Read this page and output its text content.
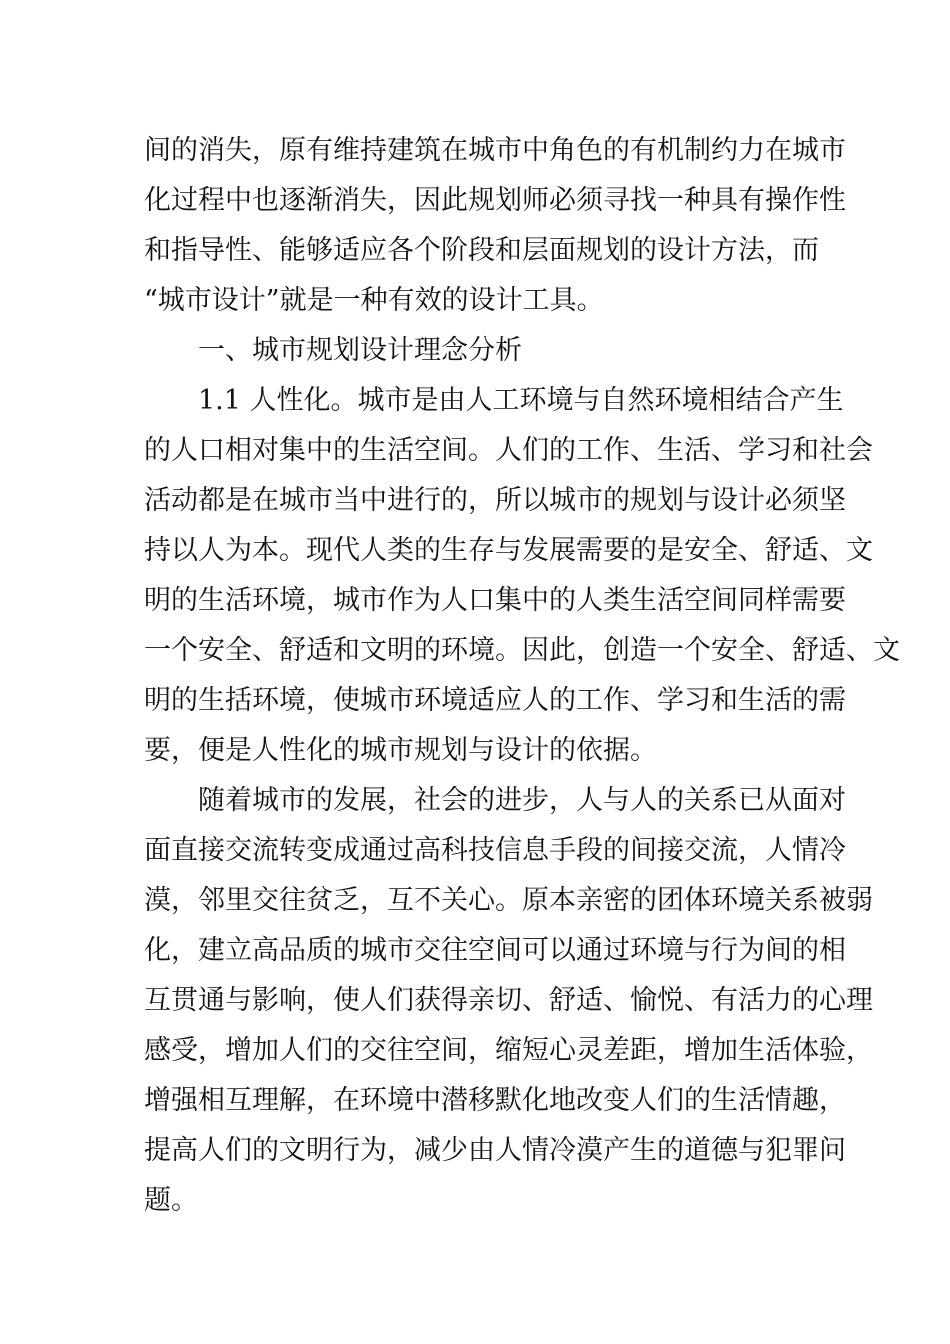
间的消失，原有维持建筑在城市中角色的有机制约力在城市
化过程中也逐渐消失，因此规划师必须寻找一种具有操作性
和指导性、能够适应各个阶段和层面规划的设计方法，而
“城市设计”就是一种有效的设计工具。
一、城市规划设计理念分析
1.1 人性化。城市是由人工环境与自然环境相结合产生
的人口相对集中的生活空间。人们的工作、生活、学习和社会
活动都是在城市当中进行的，所以城市的规划与设计必须坚
持以人为本。现代人类的生存与发展需要的是安全、舒适、文
明的生活环境，城市作为人口集中的人类生活空间同样需要
一个安全、舒适和文明的环境。因此，创造一个安全、舒适、文
明的生括环境，使城市环境适应人的工作、学习和生活的需
要，便是人性化的城市规划与设计的依据。
随着城市的发展，社会的进步，人与人的关系已从面对
面直接交流转变成通过高科技信息手段的间接交流，人情冷
漠，邻里交往贫乏，互不关心。原本亲密的团体环境关系被弱
化，建立高品质的城市交往空间可以通过环境与行为间的相
互贯通与影响，使人们获得亲切、舒适、愉悦、有活力的心理
感受，增加人们的交往空间，缩短心灵差距，增加生活体验，
增强相互理解，在环境中潜移默化地改变人们的生活情趣，
提高人们的文明行为，减少由人情冷漠产生的道德与犯罪问
题。
